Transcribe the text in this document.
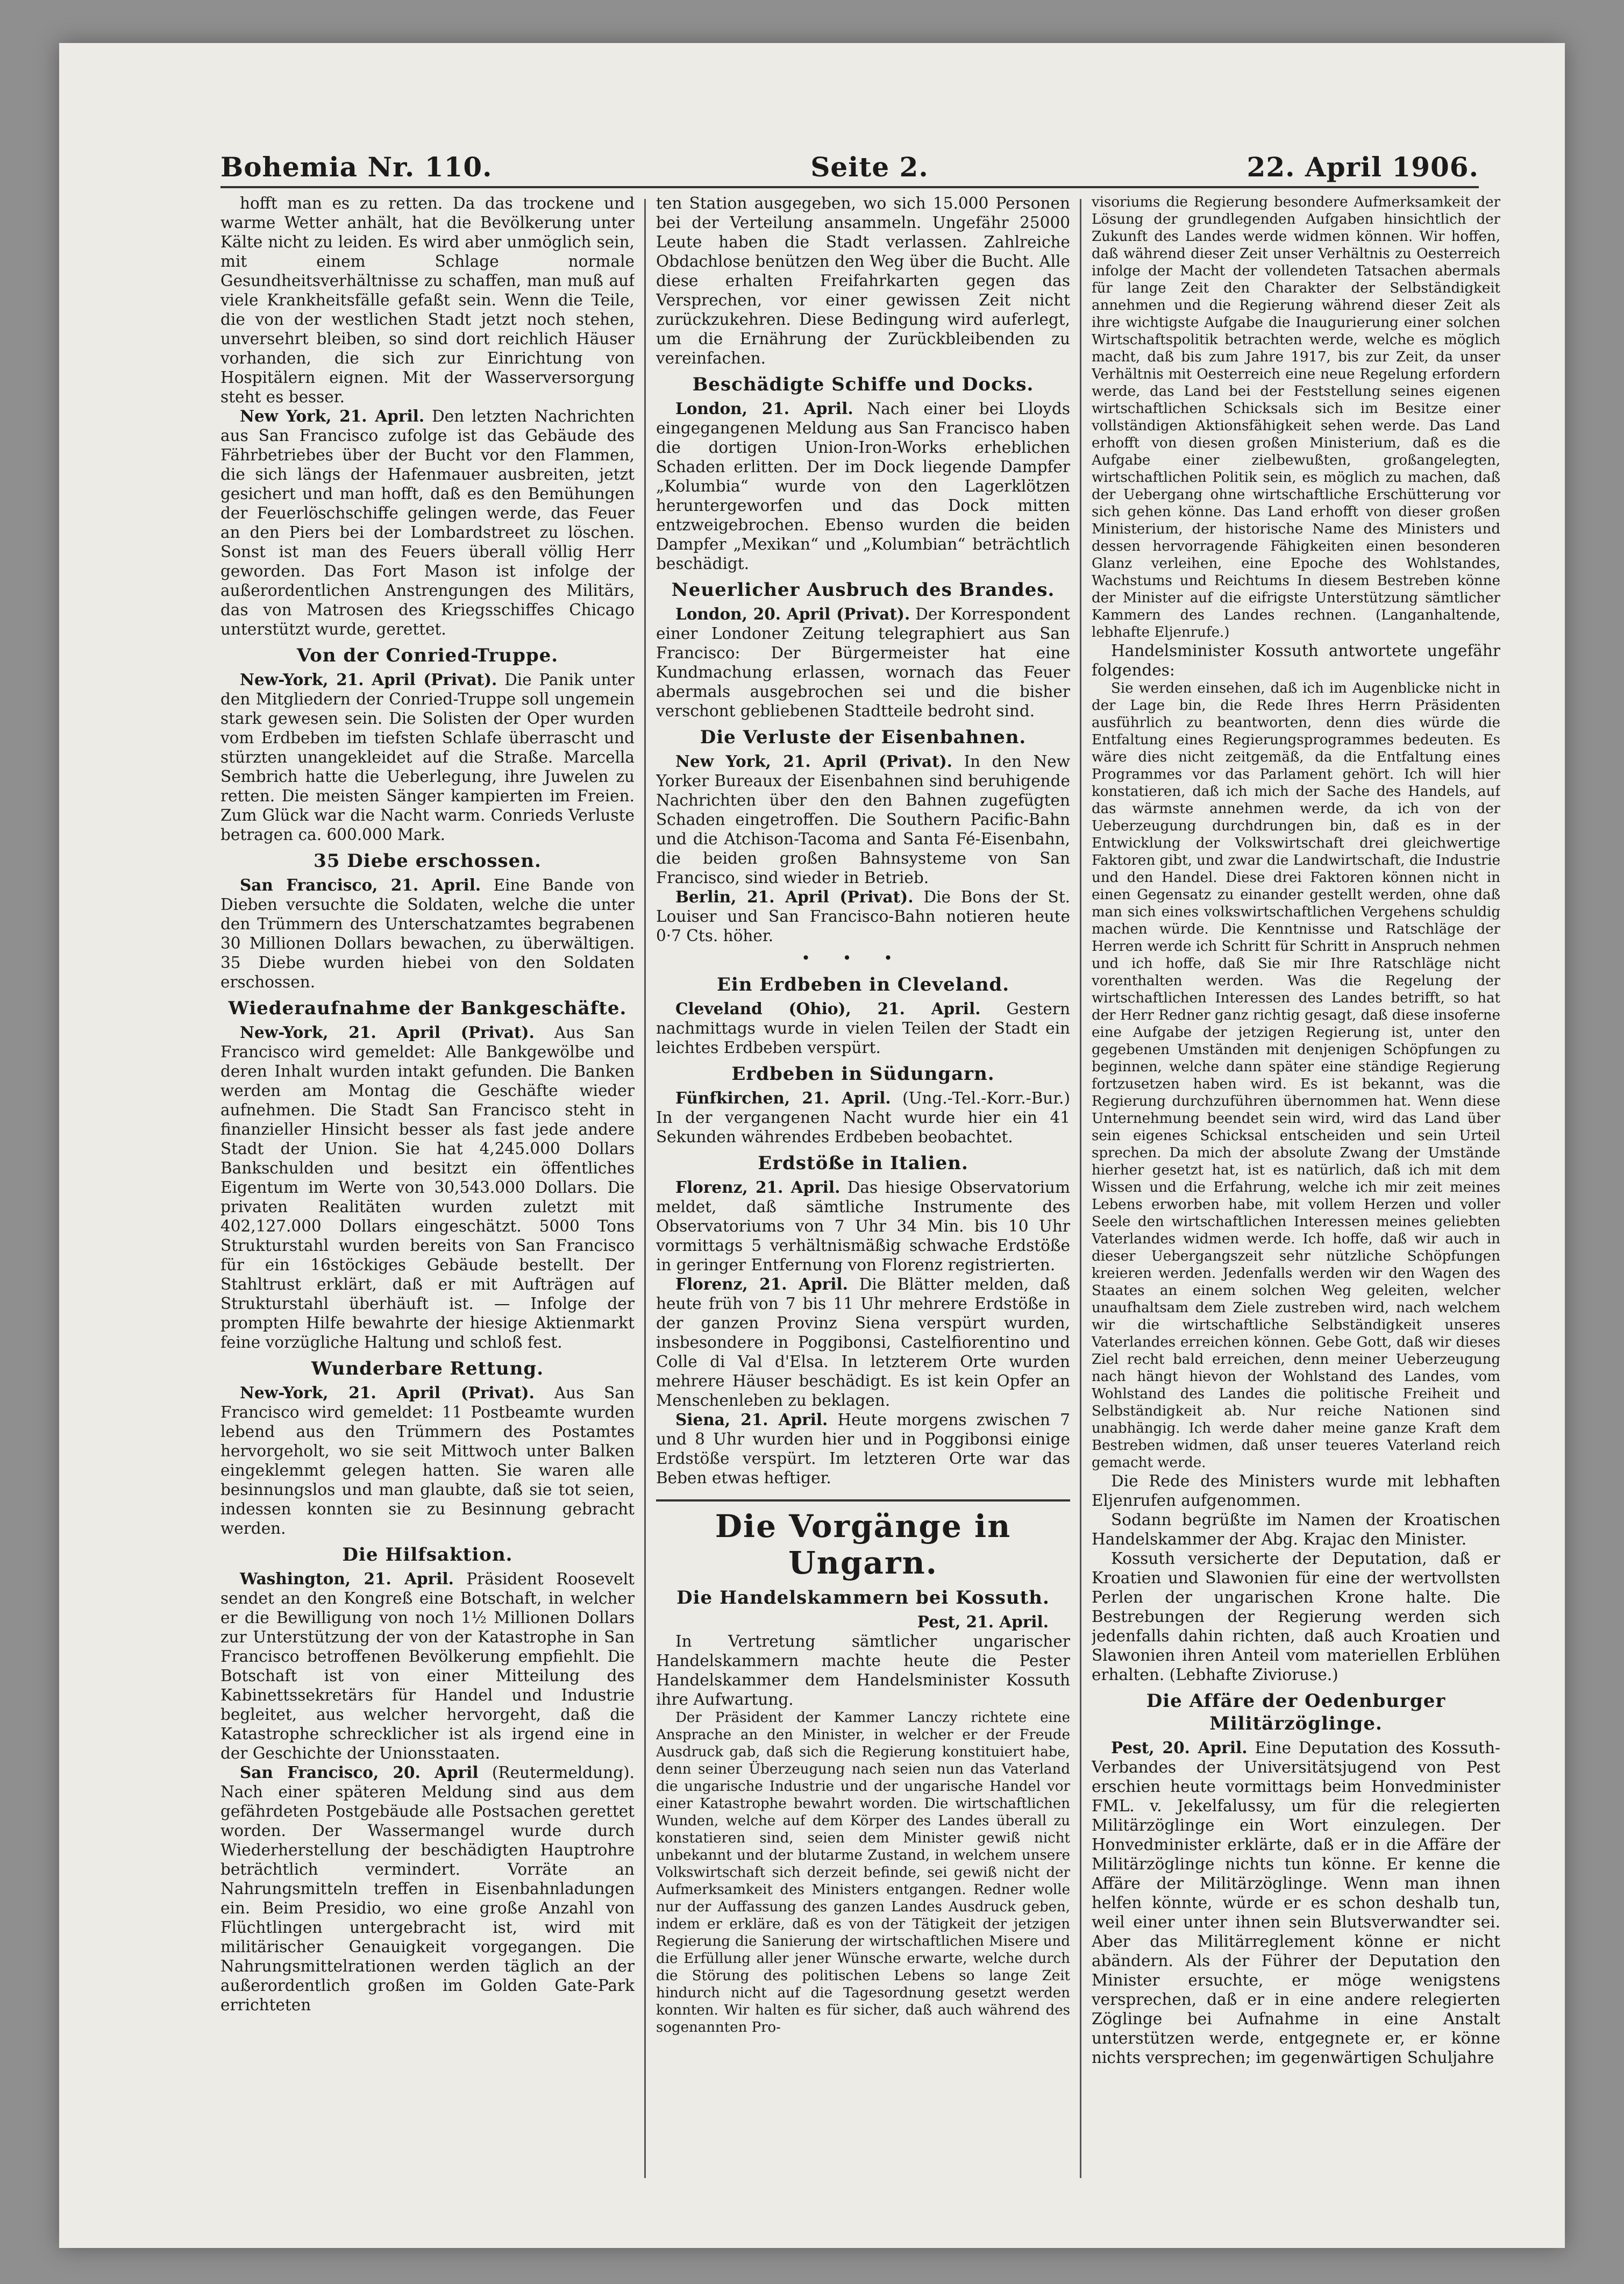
Bohemia Nr. 110.	Seite 2.	22. April 1906.

hofft man es zu retten. Da das trockene und warme Wetter anhält, hat die Bevölkerung unter Kälte nicht zu leiden. Es wird aber unmöglich sein, mit einem Schlage normale Gesundheitsverhältnisse zu schaffen, man muß auf viele Krankheitsfälle gefaßt sein. Wenn die Teile, die von der westlichen Stadt jetzt noch stehen, unversehrt bleiben, so sind dort reichlich Häuser vorhanden, die sich zur Einrichtung von Hospitälern eignen. Mit der Wasserversorgung steht es besser.

New York, 21. April. Den letzten Nachrichten aus San Francisco zufolge ist das Gebäude des Fährbetriebes über der Bucht vor den Flammen, die sich längs der Hafenmauer ausbreiten, jetzt gesichert und man hofft, daß es den Bemühungen der Feuerlöschschiffe gelingen werde, das Feuer an den Piers bei der Lombardstreet zu löschen. Sonst ist man des Feuers überall völlig Herr geworden. Das Fort Mason ist infolge der außerordentlichen Anstrengungen des Militärs, das von Matrosen des Kriegsschiffes Chicago unterstützt wurde, gerettet.

Von der Conried-Truppe.

New-York, 21. April (Privat). Die Panik unter den Mitgliedern der Conried-Truppe soll ungemein stark gewesen sein. Die Solisten der Oper wurden vom Erdbeben im tiefsten Schlafe überrascht und stürzten unangekleidet auf die Straße. Marcella Sembrich hatte die Ueberlegung, ihre Juwelen zu retten. Die meisten Sänger kampierten im Freien. Zum Glück war die Nacht warm. Conrieds Verluste betragen ca. 600.000 Mark.

35 Diebe erschossen.

San Francisco, 21. April. Eine Bande von Dieben versuchte die Soldaten, welche die unter den Trümmern des Unterschatzamtes begrabenen 30 Millionen Dollars bewachen, zu überwältigen. 35 Diebe wurden hiebei von den Soldaten erschossen.

Wiederaufnahme der Bankgeschäfte.

New-York, 21. April (Privat). Aus San Francisco wird gemeldet: Alle Bankgewölbe und deren Inhalt wurden intakt gefunden. Die Banken werden am Montag die Geschäfte wieder aufnehmen. Die Stadt San Francisco steht in finanzieller Hinsicht besser als fast jede andere Stadt der Union. Sie hat 4,245.000 Dollars Bankschulden und besitzt ein öffentliches Eigentum im Werte von 30,543.000 Dollars. Die privaten Realitäten wurden zuletzt mit 402,127.000 Dollars eingeschätzt. 5000 Tons Strukturstahl wurden bereits von San Francisco für ein 16stöckiges Gebäude bestellt. Der Stahltrust erklärt, daß er mit Aufträgen auf Strukturstahl überhäuft ist. — Infolge der prompten Hilfe bewahrte der hiesige Aktienmarkt feine vorzügliche Haltung und schloß fest.

Wunderbare Rettung.

New-York, 21. April (Privat). Aus San Francisco wird gemeldet: 11 Postbeamte wurden lebend aus den Trümmern des Postamtes hervorgeholt, wo sie seit Mittwoch unter Balken eingeklemmt gelegen hatten. Sie waren alle besinnungslos und man glaubte, daß sie tot seien, indessen konnten sie zu Besinnung gebracht werden.

Die Hilfsaktion.

Washington, 21. April. Präsident Roosevelt sendet an den Kongreß eine Botschaft, in welcher er die Bewilligung von noch 1½ Millionen Dollars zur Unterstützung der von der Katastrophe in San Francisco betroffenen Bevölkerung empfiehlt. Die Botschaft ist von einer Mitteilung des Kabinettssekretärs für Handel und Industrie begleitet, aus welcher hervorgeht, daß die Katastrophe schrecklicher ist als irgend eine in der Geschichte der Unionsstaaten.

San Francisco, 20. April (Reutermeldung). Nach einer späteren Meldung sind aus dem gefährdeten Postgebäude alle Postsachen gerettet worden. Der Wassermangel wurde durch Wiederherstellung der beschädigten Hauptrohre beträchtlich vermindert. Vorräte an Nahrungsmitteln treffen in Eisenbahnladungen ein. Beim Presidio, wo eine große Anzahl von Flüchtlingen untergebracht ist, wird mit militärischer Genauigkeit vorgegangen. Die Nahrungsmittelrationen werden täglich an der außerordentlich großen im Golden Gate-Park errichteten

ten Station ausgegeben, wo sich 15.000 Personen bei der Verteilung ansammeln. Ungefähr 25000 Leute haben die Stadt verlassen. Zahlreiche Obdachlose benützen den Weg über die Bucht. Alle diese erhalten Freifahrkarten gegen das Versprechen, vor einer gewissen Zeit nicht zurückzukehren. Diese Bedingung wird auferlegt, um die Ernährung der Zurückbleibenden zu vereinfachen.

Beschädigte Schiffe und Docks.

London, 21. April. Nach einer bei Lloyds eingegangenen Meldung aus San Francisco haben die dortigen Union-Iron-Works erheblichen Schaden erlitten. Der im Dock liegende Dampfer „Kolumbia“ wurde von den Lagerklötzen heruntergeworfen und das Dock mitten entzweigebrochen. Ebenso wurden die beiden Dampfer „Mexikan“ und „Kolumbian“ beträchtlich beschädigt.

Neuerlicher Ausbruch des Brandes.

London, 20. April (Privat). Der Korrespondent einer Londoner Zeitung telegraphiert aus San Francisco: Der Bürgermeister hat eine Kundmachung erlassen, wornach das Feuer abermals ausgebrochen sei und die bisher verschont gebliebenen Stadtteile bedroht sind.

Die Verluste der Eisenbahnen.

New York, 21. April (Privat). In den New Yorker Bureaux der Eisenbahnen sind beruhigende Nachrichten über den den Bahnen zugefügten Schaden eingetroffen. Die Southern Pacific-Bahn und die Atchison-Tacoma and Santa Fé-Eisenbahn, die beiden großen Bahnsysteme von San Francisco, sind wieder in Betrieb.

Berlin, 21. April (Privat). Die Bons der St. Louiser und San Francisco-Bahn notieren heute 0·7 Cts. höher.

•••
Ein Erdbeben in Cleveland.

Cleveland (Ohio), 21. April. Gestern nachmittags wurde in vielen Teilen der Stadt ein leichtes Erdbeben verspürt.

Erdbeben in Südungarn.

Fünfkirchen, 21. April. (Ung.-Tel.-Korr.-Bur.) In der vergangenen Nacht wurde hier ein 41 Sekunden währendes Erdbeben beobachtet.

Erdstöße in Italien.

Florenz, 21. April. Das hiesige Observatorium meldet, daß sämtliche Instrumente des Observatoriums von 7 Uhr 34 Min. bis 10 Uhr vormittags 5 verhältnismäßig schwache Erdstöße in geringer Entfernung von Florenz registrierten.

Florenz, 21. April. Die Blätter melden, daß heute früh von 7 bis 11 Uhr mehrere Erdstöße in der ganzen Provinz Siena verspürt wurden, insbesondere in Poggibonsi, Castelfiorentino und Colle di Val d'Elsa. In letzterem Orte wurden mehrere Häuser beschädigt. Es ist kein Opfer an Menschenleben zu beklagen.

Siena, 21. April. Heute morgens zwischen 7 und 8 Uhr wurden hier und in Poggibonsi einige Erdstöße verspürt. Im letzteren Orte war das Beben etwas heftiger.

Die Vorgänge in Ungarn.
Die Handelskammern bei Kossuth.

Pest, 21. April.

In Vertretung sämtlicher ungarischer Handelskammern machte heute die Pester Handelskammer dem Handelsminister Kossuth ihre Aufwartung.

Der Präsident der Kammer Lanczy richtete eine Ansprache an den Minister, in welcher er der Freude Ausdruck gab, daß sich die Regierung konstituiert habe, denn seiner Überzeugung nach seien nun das Vaterland die ungarische Industrie und der ungarische Handel vor einer Katastrophe bewahrt worden. Die wirtschaftlichen Wunden, welche auf dem Körper des Landes überall zu konstatieren sind, seien dem Minister gewiß nicht unbekannt und der blutarme Zustand, in welchem unsere Volkswirtschaft sich derzeit befinde, sei gewiß nicht der Aufmerksamkeit des Ministers entgangen. Redner wolle nur der Auffassung des ganzen Landes Ausdruck geben, indem er erkläre, daß es von der Tätigkeit der jetzigen Regierung die Sanierung der wirtschaftlichen Misere und die Erfüllung aller jener Wünsche erwarte, welche durch die Störung des politischen Lebens so lange Zeit hindurch nicht auf die Tagesordnung gesetzt werden konnten. Wir halten es für sicher, daß auch während des sogenannten Pro-

visoriums die Regierung besondere Aufmerksamkeit der Lösung der grundlegenden Aufgaben hinsichtlich der Zukunft des Landes werde widmen können. Wir hoffen, daß während dieser Zeit unser Verhältnis zu Oesterreich infolge der Macht der vollendeten Tatsachen abermals für lange Zeit den Charakter der Selbständigkeit annehmen und die Regierung während dieser Zeit als ihre wichtigste Aufgabe die Inaugurierung einer solchen Wirtschaftspolitik betrachten werde, welche es möglich macht, daß bis zum Jahre 1917, bis zur Zeit, da unser Verhältnis mit Oesterreich eine neue Regelung erfordern werde, das Land bei der Feststellung seines eigenen wirtschaftlichen Schicksals sich im Besitze einer vollständigen Aktionsfähigkeit sehen werde. Das Land erhofft von diesen großen Ministerium, daß es die Aufgabe einer zielbewußten, großangelegten, wirtschaftlichen Politik sein, es möglich zu machen, daß der Uebergang ohne wirtschaftliche Erschütterung vor sich gehen könne. Das Land erhofft von dieser großen Ministerium, der historische Name des Ministers und dessen hervorragende Fähigkeiten einen besonderen Glanz verleihen, eine Epoche des Wohlstandes, Wachstums und Reichtums In diesem Bestreben könne der Minister auf die eifrigste Unterstützung sämtlicher Kammern des Landes rechnen. (Langanhaltende, lebhafte Eljenrufe.)

Handelsminister Kossuth antwortete ungefähr folgendes:

Sie werden einsehen, daß ich im Augenblicke nicht in der Lage bin, die Rede Ihres Herrn Präsidenten ausführlich zu beantworten, denn dies würde die Entfaltung eines Regierungsprogrammes bedeuten. Es wäre dies nicht zeitgemäß, da die Entfaltung eines Programmes vor das Parlament gehört. Ich will hier konstatieren, daß ich mich der Sache des Handels, auf das wärmste annehmen werde, da ich von der Ueberzeugung durchdrungen bin, daß es in der Entwicklung der Volkswirtschaft drei gleichwertige Faktoren gibt, und zwar die Landwirtschaft, die Industrie und den Handel. Diese drei Faktoren können nicht in einen Gegensatz zu einander gestellt werden, ohne daß man sich eines volkswirtschaftlichen Vergehens schuldig machen würde. Die Kenntnisse und Ratschläge der Herren werde ich Schritt für Schritt in Anspruch nehmen und ich hoffe, daß Sie mir Ihre Ratschläge nicht vorenthalten werden. Was die Regelung der wirtschaftlichen Interessen des Landes betrifft, so hat der Herr Redner ganz richtig gesagt, daß diese insoferne eine Aufgabe der jetzigen Regierung ist, unter den gegebenen Umständen mit denjenigen Schöpfungen zu beginnen, welche dann später eine ständige Regierung fortzusetzen haben wird. Es ist bekannt, was die Regierung durchzuführen übernommen hat. Wenn diese Unternehmung beendet sein wird, wird das Land über sein eigenes Schicksal entscheiden und sein Urteil sprechen. Da mich der absolute Zwang der Umstände hierher gesetzt hat, ist es natürlich, daß ich mit dem Wissen und die Erfahrung, welche ich mir zeit meines Lebens erworben habe, mit vollem Herzen und voller Seele den wirtschaftlichen Interessen meines geliebten Vaterlandes widmen werde. Ich hoffe, daß wir auch in dieser Uebergangszeit sehr nützliche Schöpfungen kreieren werden. Jedenfalls werden wir den Wagen des Staates an einem solchen Weg geleiten, welcher unaufhaltsam dem Ziele zustreben wird, nach welchem wir die wirtschaftliche Selbständigkeit unseres Vaterlandes erreichen können. Gebe Gott, daß wir dieses Ziel recht bald erreichen, denn meiner Ueberzeugung nach hängt hievon der Wohlstand des Landes, vom Wohlstand des Landes die politische Freiheit und Selbständigkeit ab. Nur reiche Nationen sind unabhängig. Ich werde daher meine ganze Kraft dem Bestreben widmen, daß unser teueres Vaterland reich gemacht werde.

Die Rede des Ministers wurde mit lebhaften Eljenrufen aufgenommen.

Sodann begrüßte im Namen der Kroatischen Handelskammer der Abg. Krajac den Minister.

Kossuth versicherte der Deputation, daß er Kroatien und Slawonien für eine der wertvollsten Perlen der ungarischen Krone halte. Die Bestrebungen der Regierung werden sich jedenfalls dahin richten, daß auch Kroatien und Slawonien ihren Anteil vom materiellen Erblühen erhalten. (Lebhafte Zivioruse.)

Die Affäre der Oedenburger Militärzöglinge.

Pest, 20. April. Eine Deputation des Kossuth-Verbandes der Universitätsjugend von Pest erschien heute vormittags beim Honvedminister FML. v. Jekelfalussy, um für die relegierten Militärzöglinge ein Wort einzulegen. Der Honvedminister erklärte, daß er in die Affäre der Militärzöglinge nichts tun könne. Er kenne die Affäre der Militärzöglinge. Wenn man ihnen helfen könnte, würde er es schon deshalb tun, weil einer unter ihnen sein Blutsverwandter sei. Aber das Militärreglement könne er nicht abändern. Als der Führer der Deputation den Minister ersuchte, er möge wenigstens versprechen, daß er in eine andere relegierten Zöglinge bei Aufnahme in eine Anstalt unterstützen werde, entgegnete er, er könne nichts versprechen; im gegenwärtigen Schuljahre
